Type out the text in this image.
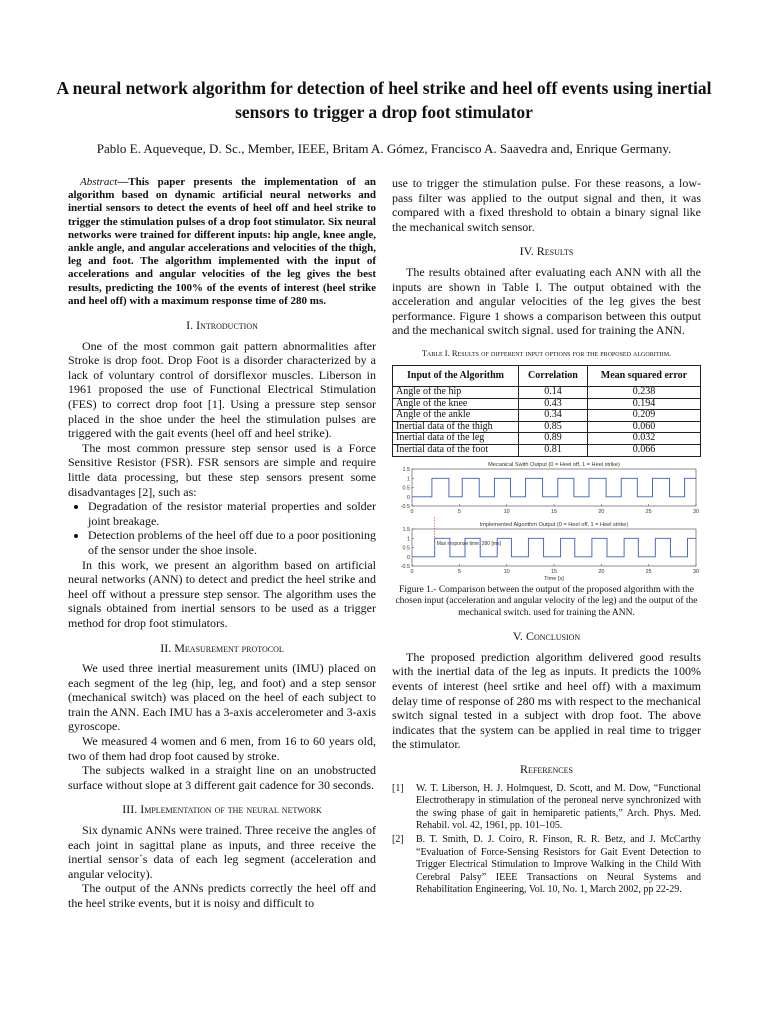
A neural network algorithm for detection of heel strike and heel off events using inertial sensors to trigger a drop foot stimulator

Pablo E. Aqueveque, D. Sc., Member, IEEE, Britam A. Gómez, Francisco A. Saavedra and, Enrique Germany.

Abstract—This paper presents the implementation of an algorithm based on dynamic artificial neural networks and inertial sensors to detect the events of heel off and heel strike to trigger the stimulation pulses of a drop foot stimulator. Six neural networks were trained for different inputs: hip angle, knee angle, ankle angle, and angular accelerations and velocities of the thigh, leg and foot. The algorithm implemented with the input of accelerations and angular velocities of the leg gives the best results, predicting the 100% of the events of interest (heel strike and heel off) with a maximum response time of 280 ms.

I. Introduction

One of the most common gait pattern abnormalities after Stroke is drop foot. Drop Foot is a disorder characterized by a lack of voluntary control of dorsiflexor muscles. Liberson in 1961 proposed the use of Functional Electrical Stimulation (FES) to correct drop foot [1]. Using a pressure step sensor placed in the shoe under the heel the stimulation pulses are triggered with the gait events (heel off and heel strike).

The most common pressure step sensor used is a Force Sensitive Resistor (FSR). FSR sensors are simple and require little data processing, but these step sensors present some disadvantages [2], such as:

• Degradation of the resistor material properties and solder joint breakage.
• Detection problems of the heel off due to a poor positioning of the sensor under the shoe insole.

In this work, we present an algorithm based on artificial neural networks (ANN) to detect and predict the heel strike and heel off without a pressure step sensor. The algorithm uses the signals obtained from inertial sensors to be used as a trigger method for drop foot stimulators.

II. Measurement protocol

We used three inertial measurement units (IMU) placed on each segment of the leg (hip, leg, and foot) and a step sensor (mechanical switch) was placed on the heel of each subject to train the ANN. Each IMU has a 3-axis accelerometer and 3-axis gyroscope.

We measured 4 women and 6 men, from 16 to 60 years old, two of them had drop foot caused by stroke.

The subjects walked in a straight line on an unobstructed surface without slope at 3 different gait cadence for 30 seconds.

III. Implementation of the neural network

Six dynamic ANNs were trained. Three receive the angles of each joint in sagittal plane as inputs, and three receive the inertial sensor´s data of each leg segment (acceleration and angular velocity).

The output of the ANNs predicts correctly the heel off and the heel strike events, but it is noisy and difficult to

use to trigger the stimulation pulse. For these reasons, a low-pass filter was applied to the output signal and then, it was compared with a fixed threshold to obtain a binary signal like the mechanical switch sensor.

IV. Results

The results obtained after evaluating each ANN with all the inputs are shown in Table I. The output obtained with the acceleration and angular velocities of the leg gives the best performance. Figure 1 shows a comparison between this output and the mechanical switch signal. used for training the ANN.

Table I. Results of different input options for the proposed algorithm.

Input of the Algorithm	Correlation	Mean squared error
Angle of the hip	0.14	0.238
Angle of the knee	0.43	0.194
Angle of the ankle	0.34	0.209
Inertial data of the thigh	0.85	0.060
Inertial data of the leg	0.89	0.032
Inertial data of the foot	0.81	0.066
Mecanical Swith Output (0 = Heel off, 1 = Heel strike)
1.5
1
0.5
0
-0.5
0	5	10	15	20	25	30
Implemented Algorithm Output (0 = Heel off, 1 = Heel strike)
1.5
1
0.5
0
-0.5
0	5	10	15	20	25	30
Max response time: 280 [ms]
Time [s]

Figure 1.- Comparison between the output of the proposed algorithm with the chosen input (acceleration and angular velocity of the leg) and the output of the mechanical switch. used for training the ANN.

V. Conclusion

The proposed prediction algorithm delivered good results with the inertial data of the leg as inputs. It predicts the 100% events of interest (heel srtike and heel off) with a maximum delay time of response of 280 ms with respect to the mechanical switch signal tested in a subject with drop foot. The above indicates that the system can be applied in real time to trigger the stimulator.

References
[1] W. T. Liberson, H. J. Holmquest, D. Scott, and M. Dow, “Functional Electrotherapy in stimulation of the peroneal nerve synchronized with the swing phase of gait in hemiparetic patients,” Arch. Phys. Med. Rehabil. vol. 42, 1961, pp. 101–105.
[2] B. T. Smith, D. J. Coiro, R. Finson, R. R. Betz, and J. McCarthy “Evaluation of Force-Sensing Resistors for Gait Event Detection to Trigger Electrical Stimulation to Improve Walking in the Child With Cerebral Palsy” IEEE Transactions on Neural Systems and Rehabilitation Engineering, Vol. 10, No. 1, March 2002, pp 22-29.
